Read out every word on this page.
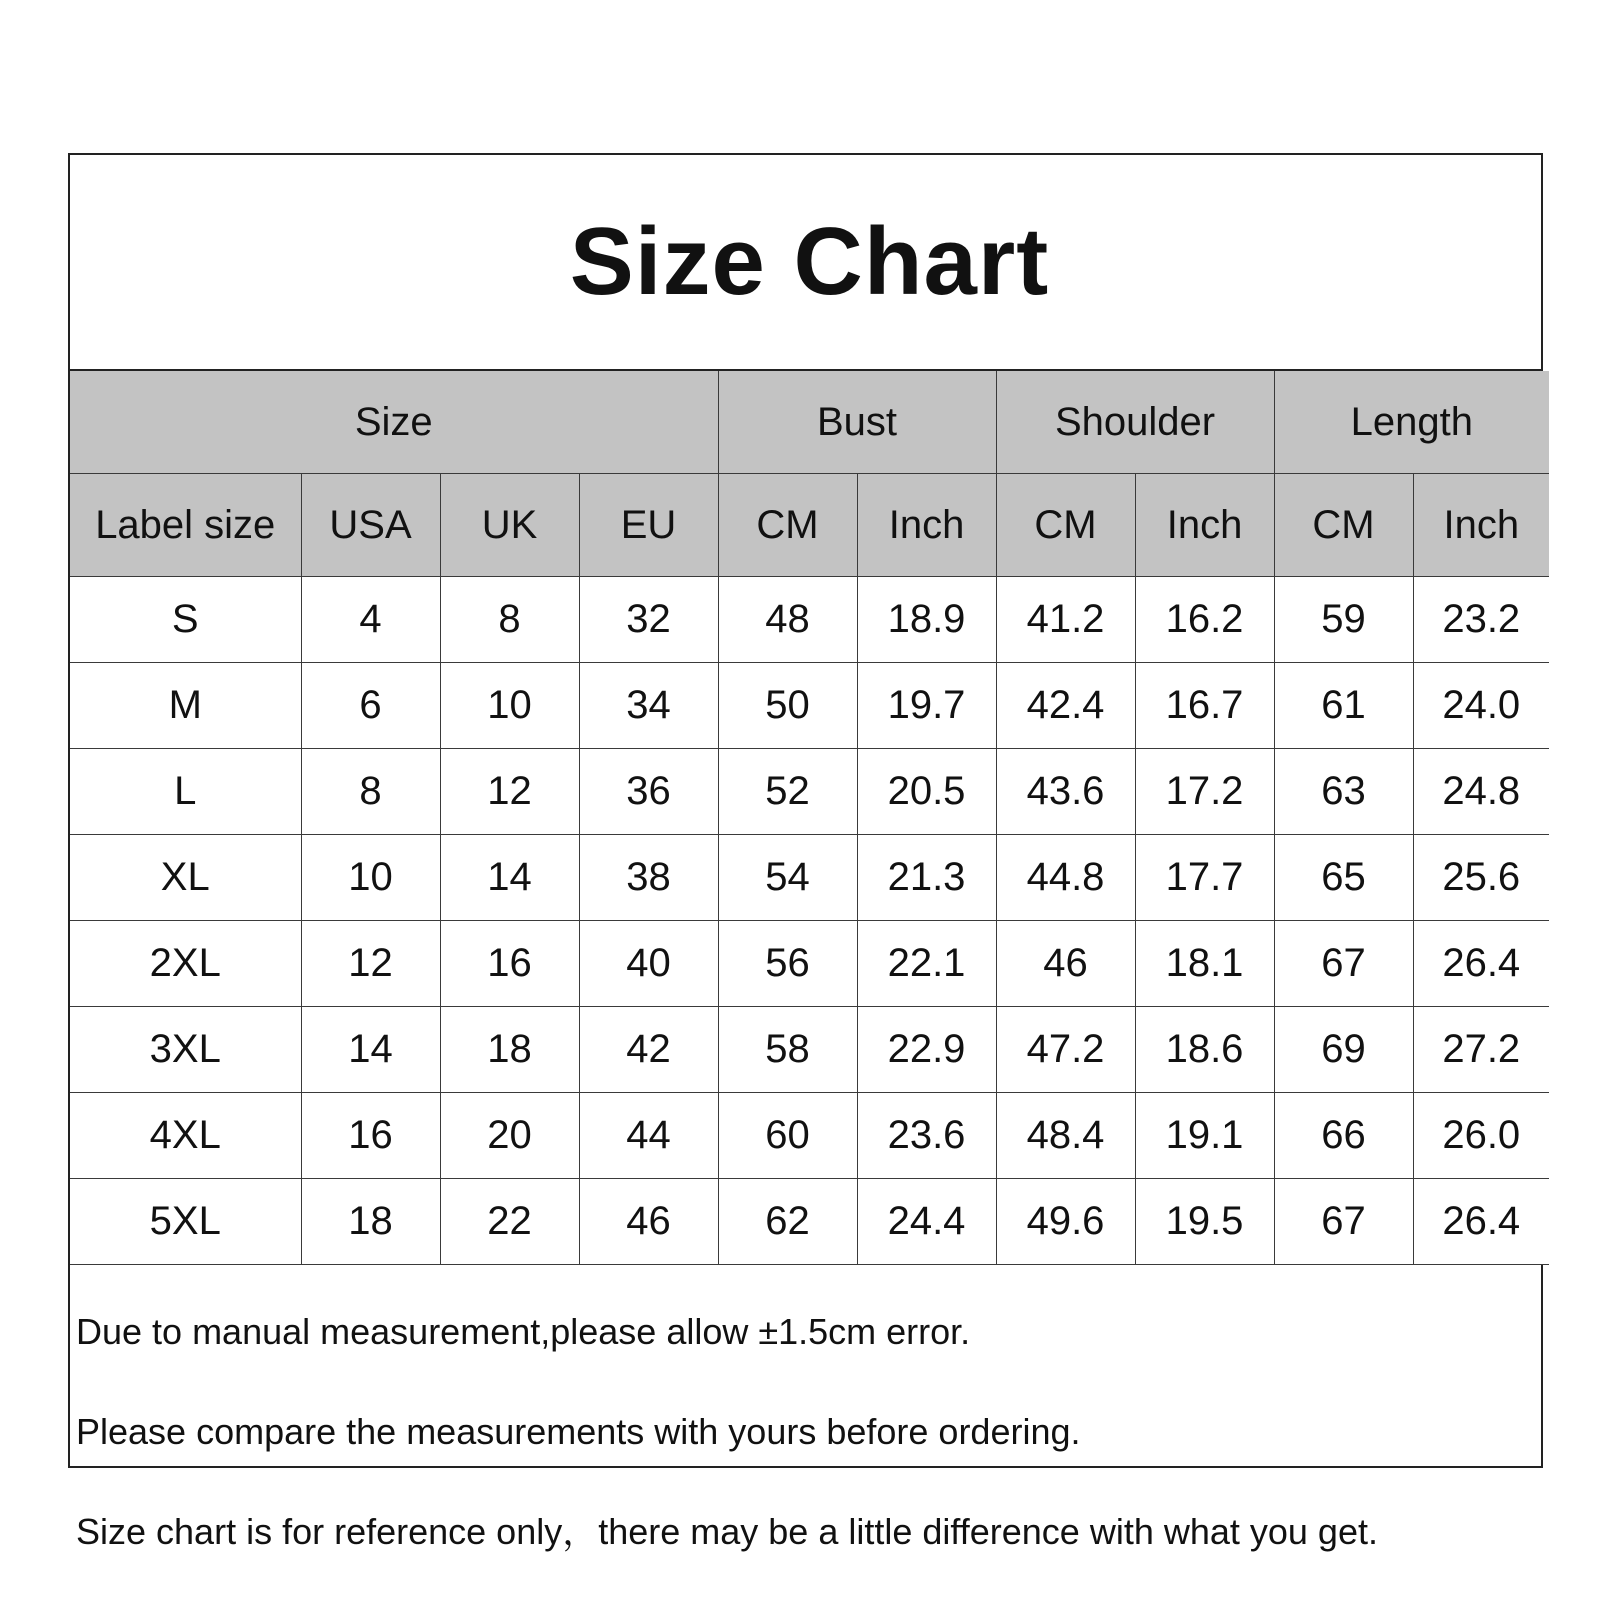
Size Chart
Size				Bust		Shoulder		Length	
Label size	USA	UK	EU	CM	Inch	CM	Inch	CM	Inch
S	4	8	32	48	18.9	41.2	16.2	59	23.2
M	6	10	34	50	19.7	42.4	16.7	61	24.0
L	8	12	36	52	20.5	43.6	17.2	63	24.8
XL	10	14	38	54	21.3	44.8	17.7	65	25.6
2XL	12	16	40	56	22.1	46	18.1	67	26.4
3XL	14	18	42	58	22.9	47.2	18.6	69	27.2
4XL	16	20	44	60	23.6	48.4	19.1	66	26.0
5XL	18	22	46	62	24.4	49.6	19.5	67	26.4

Due to manual measurement,please allow ±1.5cm error.

Please compare the measurements with yours before ordering.

Size chart is for reference only，there may be a little difference with what you get.
